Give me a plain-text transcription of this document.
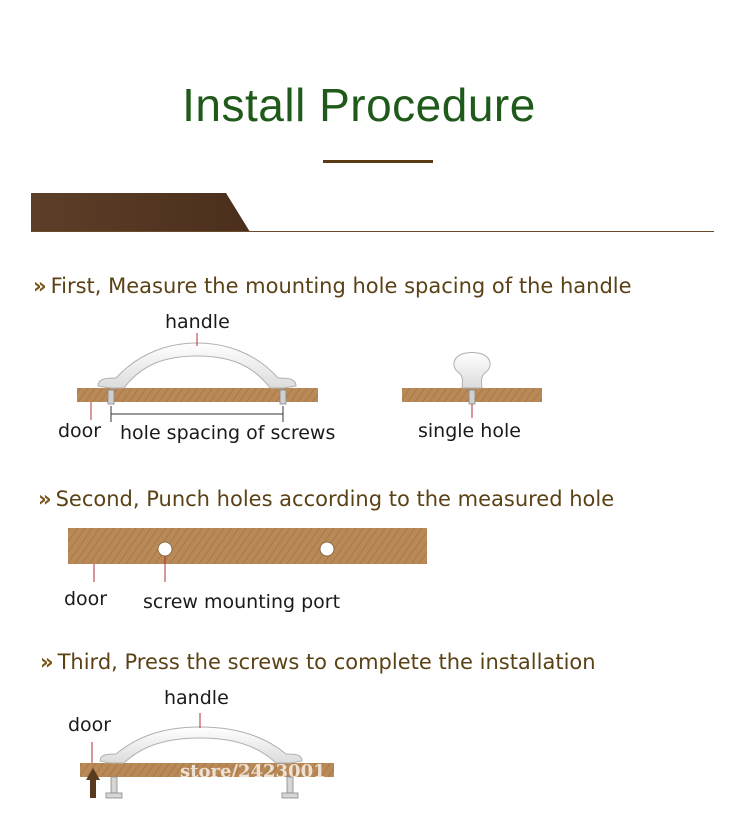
Install Procedure
» First, Measure the mounting hole spacing of the handle
handle
door hole spacing of screws	single hole
» Second, Punch holes according to the measured hole
door screw mounting port
» Third, Press the screws to complete the installation
handle
door
store/2423001
